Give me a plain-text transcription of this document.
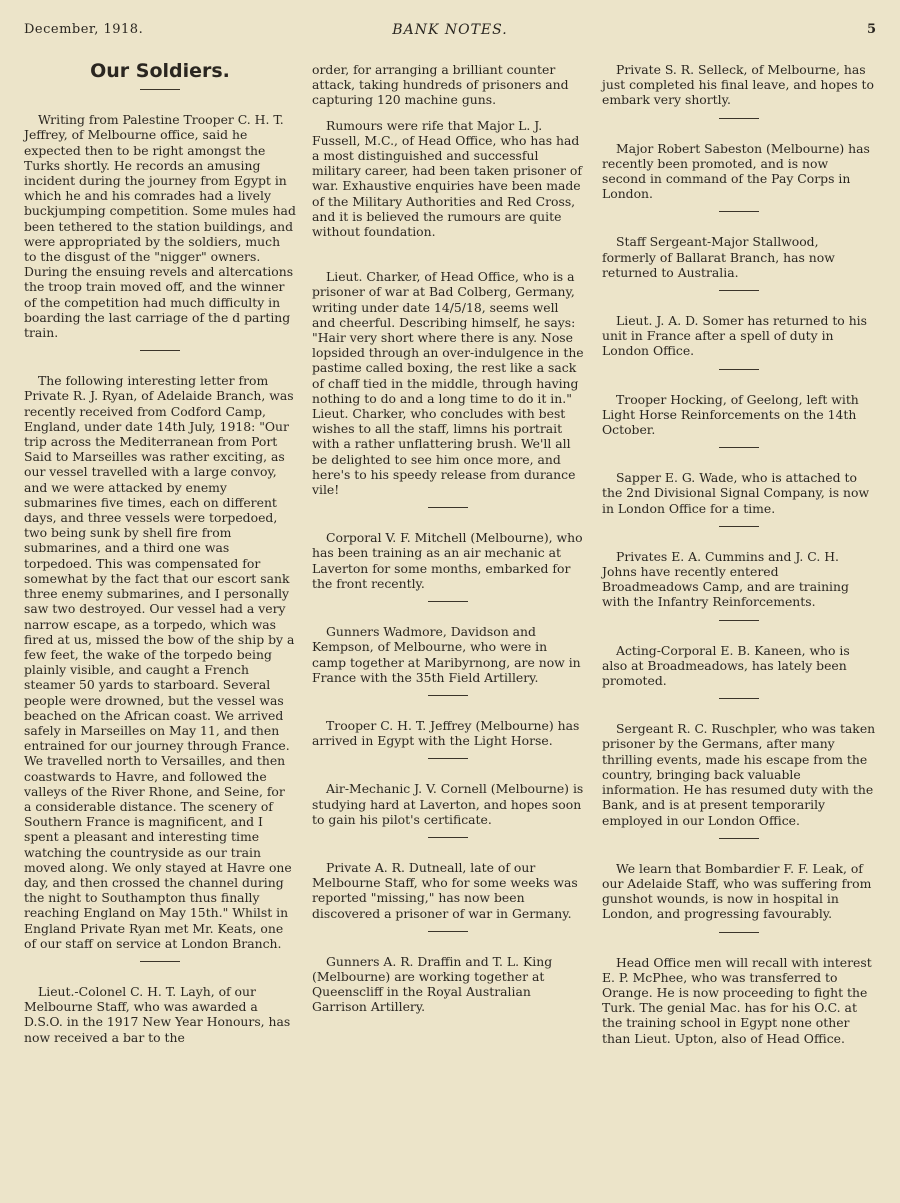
December, 1918.	BANK NOTES.	5
Our Soldiers.

Writing from Palestine Trooper C. H. T. Jeffrey, of Melbourne office, said he expected then to be right amongst the Turks shortly. He records an amusing incident during the journey from Egypt in which he and his comrades had a lively buckjumping competition. Some mules had been tethered to the station buildings, and were appropriated by the soldiers, much to the disgust of the "nigger" owners. During the ensuing revels and altercations the troop train moved off, and the winner of the competition had much difficulty in boarding the last carriage of the d parting train.

The following interesting letter from Private R. J. Ryan, of Adelaide Branch, was recently received from Codford Camp, England, under date 14th July, 1918: "Our trip across the Mediterranean from Port Said to Marseilles was rather exciting, as our vessel travelled with a large convoy, and we were attacked by enemy submarines five times, each on different days, and three vessels were torpedoed, two being sunk by shell fire from submarines, and a third one was torpedoed. This was compensated for somewhat by the fact that our escort sank three enemy submarines, and I personally saw two destroyed. Our vessel had a very narrow escape, as a torpedo, which was fired at us, missed the bow of the ship by a few feet, the wake of the torpedo being plainly visible, and caught a French steamer 50 yards to starboard. Several people were drowned, but the vessel was beached on the African coast. We arrived safely in Marseilles on May 11, and then entrained for our journey through France. We travelled north to Versailles, and then coastwards to Havre, and followed the valleys of the River Rhone, and Seine, for a considerable distance. The scenery of Southern France is magnificent, and I spent a pleasant and interesting time watching the countryside as our train moved along. We only stayed at Havre one day, and then crossed the channel during the night to Southampton thus finally reaching England on May 15th." Whilst in England Private Ryan met Mr. Keats, one of our staff on service at London Branch.

Lieut.-Colonel C. H. T. Layh, of our Melbourne Staff, who was awarded a D.S.O. in the 1917 New Year Honours, has now received a bar to the

order, for arranging a brilliant counter attack, taking hundreds of prisoners and capturing 120 machine guns.

Rumours were rife that Major L. J. Fussell, M.C., of Head Office, who has had a most distinguished and successful military career, had been taken prisoner of war. Exhaustive enquiries have been made of the Military Authorities and Red Cross, and it is believed the rumours are quite without foundation.

Lieut. Charker, of Head Office, who is a prisoner of war at Bad Colberg, Germany, writing under date 14/5/18, seems well and cheerful. Describing himself, he says: "Hair very short where there is any. Nose lopsided through an over-indulgence in the pastime called boxing, the rest like a sack of chaff tied in the middle, through having nothing to do and a long time to do it in." Lieut. Charker, who concludes with best wishes to all the staff, limns his portrait with a rather unflattering brush. We'll all be delighted to see him once more, and here's to his speedy release from durance vile!

Corporal V. F. Mitchell (Melbourne), who has been training as an air mechanic at Laverton for some months, embarked for the front recently.

Gunners Wadmore, Davidson and Kempson, of Melbourne, who were in camp together at Maribyrnong, are now in France with the 35th Field Artillery.

Trooper C. H. T. Jeffrey (Melbourne) has arrived in Egypt with the Light Horse.

Air-Mechanic J. V. Cornell (Melbourne) is studying hard at Laverton, and hopes soon to gain his pilot's certificate.

Private A. R. Dutneall, late of our Melbourne Staff, who for some weeks was reported "missing," has now been discovered a prisoner of war in Germany.

Gunners A. R. Draffin and T. L. King (Melbourne) are working together at Queenscliff in the Royal Australian Garrison Artillery.

Private S. R. Selleck, of Melbourne, has just completed his final leave, and hopes to embark very shortly.

Major Robert Sabeston (Melbourne) has recently been promoted, and is now second in command of the Pay Corps in London.

Staff Sergeant-Major Stallwood, formerly of Ballarat Branch, has now returned to Australia.

Lieut. J. A. D. Somer has returned to his unit in France after a spell of duty in London Office.

Trooper Hocking, of Geelong, left with Light Horse Reinforcements on the 14th October.

Sapper E. G. Wade, who is attached to the 2nd Divisional Signal Company, is now in London Office for a time.

Privates E. A. Cummins and J. C. H. Johns have recently entered Broadmeadows Camp, and are training with the Infantry Reinforcements.

Acting-Corporal E. B. Kaneen, who is also at Broadmeadows, has lately been promoted.

Sergeant R. C. Ruschpler, who was taken prisoner by the Germans, after many thrilling events, made his escape from the country, bringing back valuable information. He has resumed duty with the Bank, and is at present temporarily employed in our London Office.

We learn that Bombardier F. F. Leak, of our Adelaide Staff, who was suffering from gunshot wounds, is now in hospital in London, and progressing favourably.

Head Office men will recall with interest E. P. McPhee, who was transferred to Orange. He is now proceeding to fight the Turk. The genial Mac. has for his O.C. at the training school in Egypt none other than Lieut. Upton, also of Head Office.
